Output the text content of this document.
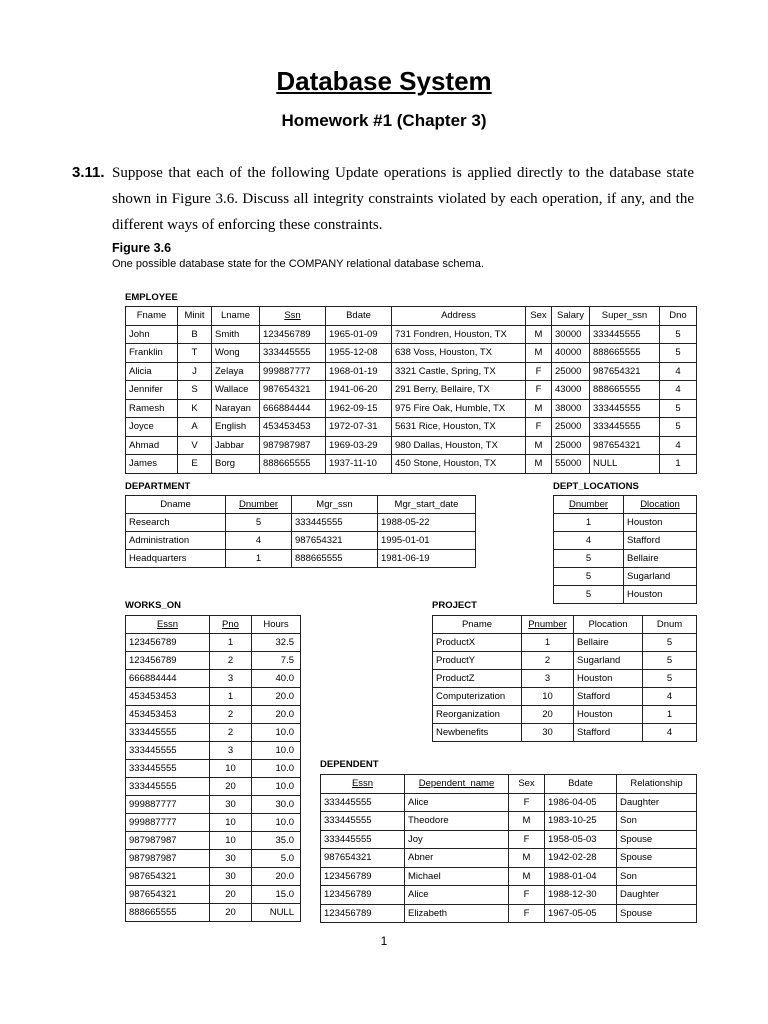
Database System
Homework #1 (Chapter 3)
3.11. Suppose that each of the following Update operations is applied directly to the database state shown in Figure 3.6. Discuss all integrity constraints violated by each operation, if any, and the different ways of enforcing these constraints.
Figure 3.6
One possible database state for the COMPANY relational database schema.
EMPLOYEE
Fname	Minit	Lname	Ssn	Bdate	Address	Sex	Salary	Super_ssn	Dno
John	B	Smith	123456789	1965-01-09	731 Fondren, Houston, TX	M	30000	333445555	5
Franklin	T	Wong	333445555	1955-12-08	638 Voss, Houston, TX	M	40000	888665555	5
Alicia	J	Zelaya	999887777	1968-01-19	3321 Castle, Spring, TX	F	25000	987654321	4
Jennifer	S	Wallace	987654321	1941-06-20	291 Berry, Bellaire, TX	F	43000	888665555	4
Ramesh	K	Narayan	666884444	1962-09-15	975 Fire Oak, Humble, TX	M	38000	333445555	5
Joyce	A	English	453453453	1972-07-31	5631 Rice, Houston, TX	F	25000	333445555	5
Ahmad	V	Jabbar	987987987	1969-03-29	980 Dallas, Houston, TX	M	25000	987654321	4
James	E	Borg	888665555	1937-11-10	450 Stone, Houston, TX	M	55000	NULL	1
DEPARTMENT
Dname	Dnumber	Mgr_ssn	Mgr_start_date
Research	5	333445555	1988-05-22
Administration	4	987654321	1995-01-01
Headquarters	1	888665555	1981-06-19
DEPT_LOCATIONS
Dnumber	Dlocation
1	Houston
4	Stafford
5	Bellaire
5	Sugarland
5	Houston
WORKS_ON
Essn	Pno	Hours
123456789	1	32.5
123456789	2	7.5
666884444	3	40.0
453453453	1	20.0
453453453	2	20.0
333445555	2	10.0
333445555	3	10.0
333445555	10	10.0
333445555	20	10.0
999887777	30	30.0
999887777	10	10.0
987987987	10	35.0
987987987	30	5.0
987654321	30	20.0
987654321	20	15.0
888665555	20	NULL
PROJECT
Pname	Pnumber	Plocation	Dnum
ProductX	1	Bellaire	5
ProductY	2	Sugarland	5
ProductZ	3	Houston	5
Computerization	10	Stafford	4
Reorganization	20	Houston	1
Newbenefits	30	Stafford	4
DEPENDENT
Essn	Dependent_name	Sex	Bdate	Relationship
333445555	Alice	F	1986-04-05	Daughter
333445555	Theodore	M	1983-10-25	Son
333445555	Joy	F	1958-05-03	Spouse
987654321	Abner	M	1942-02-28	Spouse
123456789	Michael	M	1988-01-04	Son
123456789	Alice	F	1988-12-30	Daughter
123456789	Elizabeth	F	1967-05-05	Spouse
1
